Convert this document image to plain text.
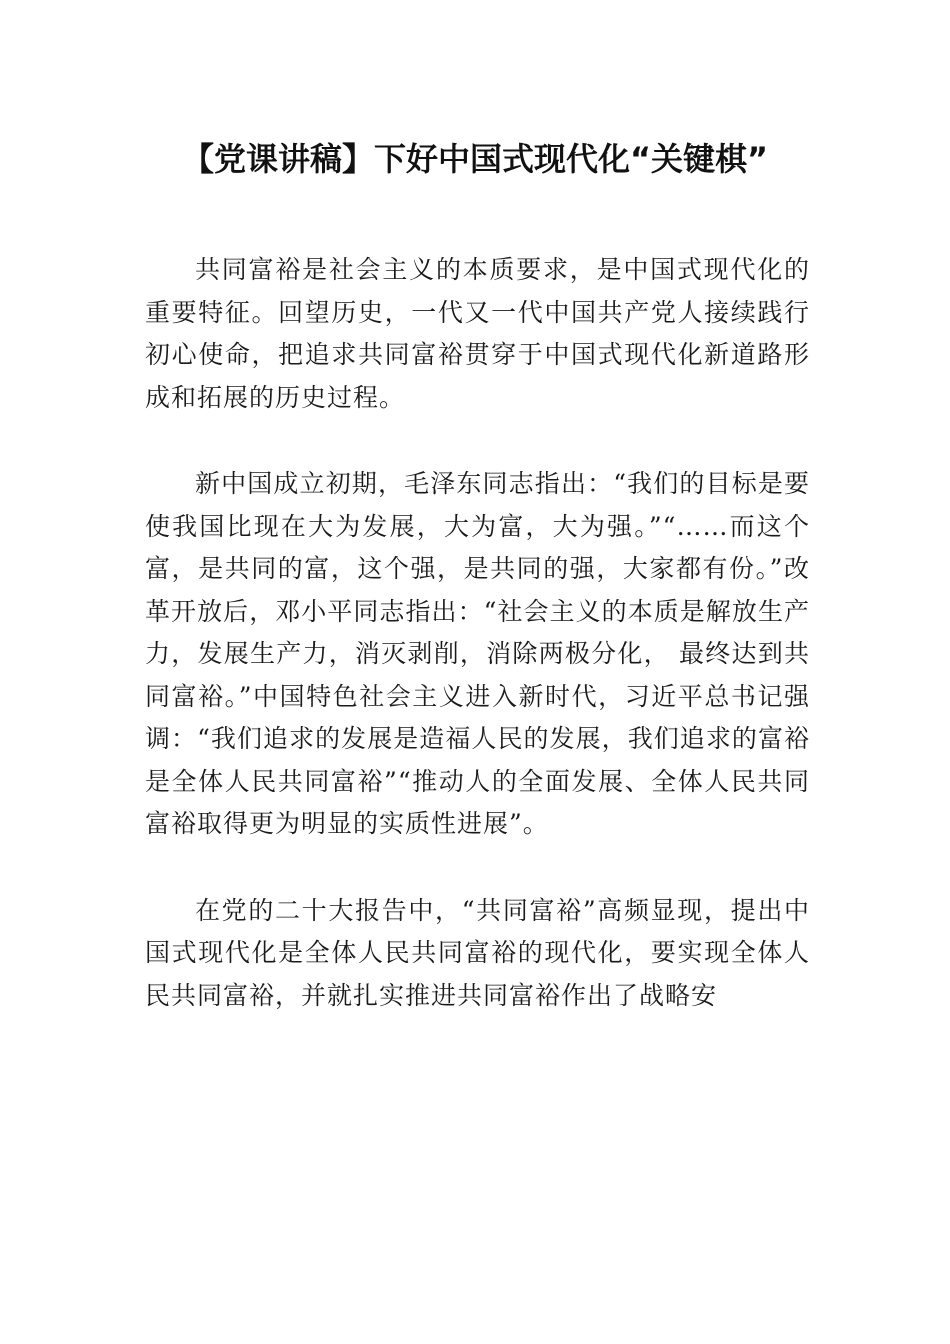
【党课讲稿】下好中国式现代化“关键棋”

共同富裕是社会主义的本质要求，是中国式现代化的重要特征。回望历史，一代又一代中国共产党人接续践行初心使命，把追求共同富裕贯穿于中国式现代化新道路形成和拓展的历史过程。

新中国成立初期，毛泽东同志指出：“我们的目标是要使我国比现在大为发展，大为富，大为强。”“……而这个富，是共同的富，这个强，是共同的强，大家都有份。”改革开放后，邓小平同志指出：“社会主义的本质是解放生产力，发展生产力，消灭剥削，消除两极分化， 最终达到共同富裕。”中国特色社会主义进入新时代，习近平总书记强调：“我们追求的发展是造福人民的发展，我们追求的富裕是全体人民共同富裕”“推动人的全面发展、全体人民共同富裕取得更为明显的实质性进展”。

在党的二十大报告中，“共同富裕”高频显现，提出中国式现代化是全体人民共同富裕的现代化，要实现全体人民共同富裕，并就扎实推进共同富裕作出了战略安
